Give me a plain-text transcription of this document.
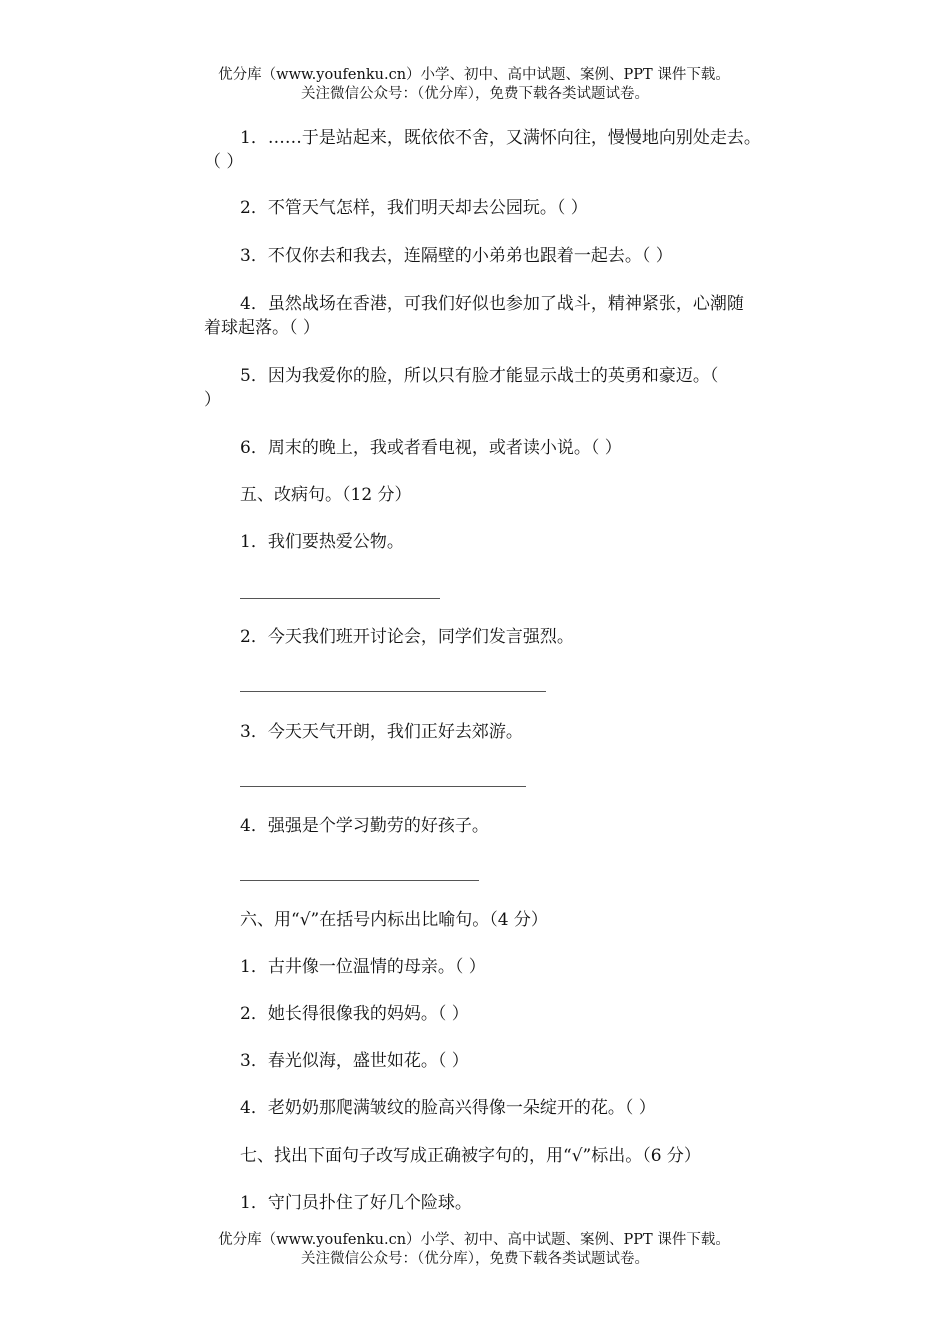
优分库（www.youfenku.cn）小学、初中、高中试题、案例、PPT 课件下载。
关注微信公众号：（优分库），免费下载各类试题试卷。
1．……于是站起来，既依依不舍，又满怀向往，慢慢地向别处走去。
（ ）
2．不管天气怎样，我们明天却去公园玩。（ ）
3．不仅你去和我去，连隔壁的小弟弟也跟着一起去。（ ）
4．虽然战场在香港，可我们好似也参加了战斗，精神紧张，心潮随
着球起落。（ ）
5．因为我爱你的脸，所以只有脸才能显示战士的英勇和豪迈。（
）
6．周末的晚上，我或者看电视，或者读小说。（ ）
五、改病句。（12 分）
1．我们要热爱公物。
2．今天我们班开讨论会，同学们发言强烈。
3．今天天气开朗，我们正好去郊游。
4．强强是个学习勤劳的好孩子。
六、用“√”在括号内标出比喻句。（4 分）
1．古井像一位温情的母亲。（ ）
2．她长得很像我的妈妈。（ ）
3．春光似海，盛世如花。（ ）
4．老奶奶那爬满皱纹的脸高兴得像一朵绽开的花。（ ）
七、找出下面句子改写成正确被字句的，用“√”标出。（6 分）
1．守门员扑住了好几个险球。
优分库（www.youfenku.cn）小学、初中、高中试题、案例、PPT 课件下载。
关注微信公众号：（优分库），免费下载各类试题试卷。
